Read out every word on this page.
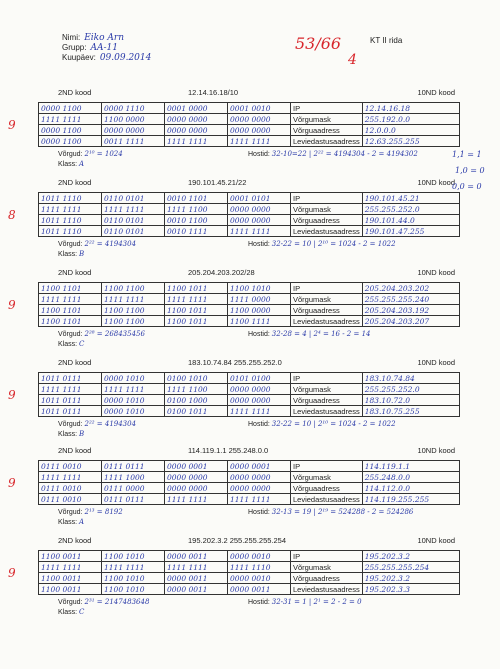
Nimi: Eiko Arn
Grupp: AA-11
Kuupäev: 09.09.2014
53/66
4
KT II rida
2ND kood	12.14.16.18/10	10ND kood
0000 1100	0000 1110	0001 0000	0001 0010	IP	12.14.16.18
1111 1111	1100 0000	0000 0000	0000 0000	Võrgumask	255.192.0.0
0000 1100	0000 0000	0000 0000	0000 0000	Võrguaadress	12.0.0.0
0000 1100	0011 1111	1111 1111	1111 1111	Leviedastusaadress	12.63.255.255
Võrgud: 2¹⁰ = 1024	Hostid: 32-10=22 | 2²² = 4194304 - 2 = 4194302
Klass: A
9
2ND kood	190.101.45.21/22	10ND kood
1011 1110	0110 0101	0010 1101	0001 0101	IP	190.101.45.21
1111 1111	1111 1111	1111 1100	0000 0000	Võrgumask	255.255.252.0
1011 1110	0110 0101	0010 1100	0000 0000	Võrguaadress	190.101.44.0
1011 1110	0110 0101	0010 1111	1111 1111	Leviedastusaadress	190.101.47.255
Võrgud: 2²² = 4194304	Hostid: 32-22 = 10 | 2¹⁰ = 1024 - 2 = 1022
Klass: B
8
2ND kood	205.204.203.202/28	10ND kood
1100 1101	1100 1100	1100 1011	1100 1010	IP	205.204.203.202
1111 1111	1111 1111	1111 1111	1111 0000	Võrgumask	255.255.255.240
1100 1101	1100 1100	1100 1011	1100 0000	Võrguaadress	205.204.203.192
1100 1101	1100 1100	1100 1011	1100 1111	Leviedastusaadress	205.204.203.207
Võrgud: 2²⁸ = 268435456	Hostid: 32-28 = 4 | 2⁴ = 16 - 2 = 14
Klass: C
9
2ND kood	183.10.74.84 255.255.252.0	10ND kood
1011 0111	0000 1010	0100 1010	0101 0100	IP	183.10.74.84
1111 1111	1111 1111	1111 1100	0000 0000	Võrgumask	255.255.252.0
1011 0111	0000 1010	0100 1000	0000 0000	Võrguaadress	183.10.72.0
1011 0111	0000 1010	0100 1011	1111 1111	Leviedastusaadress	183.10.75.255
Võrgud: 2²² = 4194304	Hostid: 32-22 = 10 | 2¹⁰ = 1024 - 2 = 1022
Klass: B
9
2ND kood	114.119.1.1 255.248.0.0	10ND kood
0111 0010	0111 0111	0000 0001	0000 0001	IP	114.119.1.1
1111 1111	1111 1000	0000 0000	0000 0000	Võrgumask	255.248.0.0
0111 0010	0111 0000	0000 0000	0000 0000	Võrguaadress	114.112.0.0
0111 0010	0111 0111	1111 1111	1111 1111	Leviedastusaadress	114.119.255.255
Võrgud: 2¹³ = 8192	Hostid: 32-13 = 19 | 2¹⁹ = 524288 - 2 = 524286
Klass: A
9
2ND kood	195.202.3.2 255.255.255.254	10ND kood
1100 0011	1100 1010	0000 0011	0000 0010	IP	195.202.3.2
1111 1111	1111 1111	1111 1111	1111 1110	Võrgumask	255.255.255.254
1100 0011	1100 1010	0000 0011	0000 0010	Võrguaadress	195.202.3.2
1100 0011	1100 1010	0000 0011	0000 0011	Leviedastusaadress	195.202.3.3
Võrgud: 2³¹ = 2147483648	Hostid: 32-31 = 1 | 2¹ = 2 - 2 = 0
Klass: C
9
1,1 = 1
1,0 = 0
0,0 = 0
